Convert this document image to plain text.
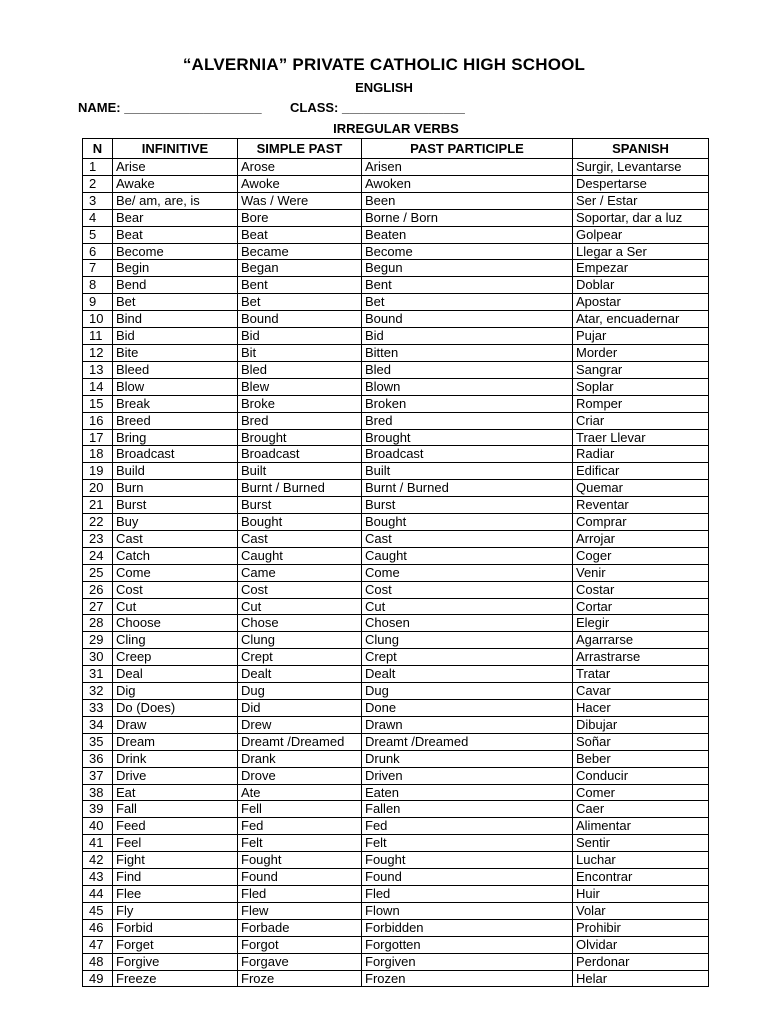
“ALVERNIA” PRIVATE CATHOLIC HIGH SCHOOL
ENGLISH
NAME: ___________________ CLASS: _________________
IRREGULAR VERBS
N	INFINITIVE	SIMPLE PAST	PAST PARTICIPLE	SPANISH
1	Arise	Arose	Arisen	Surgir, Levantarse
2	Awake	Awoke	Awoken	Despertarse
3	Be/ am, are, is	Was / Were	Been	Ser / Estar
4	Bear	Bore	Borne / Born	Soportar, dar a luz
5	Beat	Beat	Beaten	Golpear
6	Become	Became	Become	Llegar a Ser
7	Begin	Began	Begun	Empezar
8	Bend	Bent	Bent	Doblar
9	Bet	Bet	Bet	Apostar
10	Bind	Bound	Bound	Atar, encuadernar
11	Bid	Bid	Bid	Pujar
12	Bite	Bit	Bitten	Morder
13	Bleed	Bled	Bled	Sangrar
14	Blow	Blew	Blown	Soplar
15	Break	Broke	Broken	Romper
16	Breed	Bred	Bred	Criar
17	Bring	Brought	Brought	Traer Llevar
18	Broadcast	Broadcast	Broadcast	Radiar
19	Build	Built	Built	Edificar
20	Burn	Burnt / Burned	Burnt / Burned	Quemar
21	Burst	Burst	Burst	Reventar
22	Buy	Bought	Bought	Comprar
23	Cast	Cast	Cast	Arrojar
24	Catch	Caught	Caught	Coger
25	Come	Came	Come	Venir
26	Cost	Cost	Cost	Costar
27	Cut	Cut	Cut	Cortar
28	Choose	Chose	Chosen	Elegir
29	Cling	Clung	Clung	Agarrarse
30	Creep	Crept	Crept	Arrastrarse
31	Deal	Dealt	Dealt	Tratar
32	Dig	Dug	Dug	Cavar
33	Do (Does)	Did	Done	Hacer
34	Draw	Drew	Drawn	Dibujar
35	Dream	Dreamt /Dreamed	Dreamt /Dreamed	Soñar
36	Drink	Drank	Drunk	Beber
37	Drive	Drove	Driven	Conducir
38	Eat	Ate	Eaten	Comer
39	Fall	Fell	Fallen	Caer
40	Feed	Fed	Fed	Alimentar
41	Feel	Felt	Felt	Sentir
42	Fight	Fought	Fought	Luchar
43	Find	Found	Found	Encontrar
44	Flee	Fled	Fled	Huir
45	Fly	Flew	Flown	Volar
46	Forbid	Forbade	Forbidden	Prohibir
47	Forget	Forgot	Forgotten	Olvidar
48	Forgive	Forgave	Forgiven	Perdonar
49	Freeze	Froze	Frozen	Helar
